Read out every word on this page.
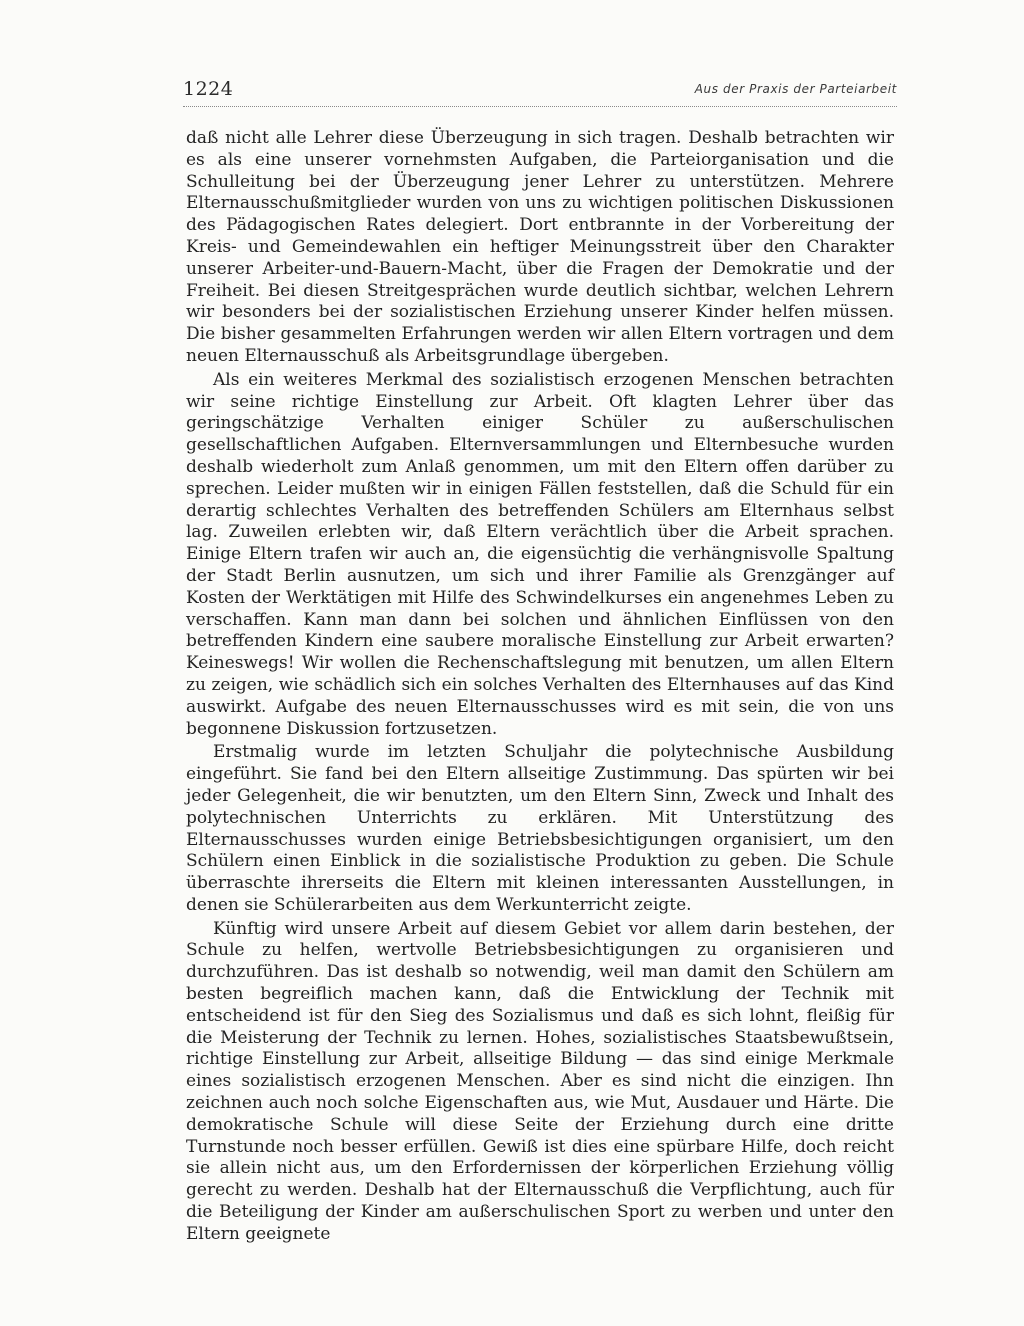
1224	Aus der Praxis der Parteiarbeit

daß nicht alle Lehrer diese Überzeugung in sich tragen. Deshalb betrachten wir es als eine unserer vornehmsten Aufgaben, die Parteiorganisation und die Schulleitung bei der Überzeugung jener Lehrer zu unterstützen. Mehrere Elternausschußmitglieder wurden von uns zu wichtigen politischen Diskussionen des Pädagogischen Rates delegiert. Dort entbrannte in der Vorbereitung der Kreis- und Gemeindewahlen ein heftiger Meinungsstreit über den Charakter unserer Arbeiter-und-Bauern-Macht, über die Fragen der Demokratie und der Freiheit. Bei diesen Streitgesprächen wurde deutlich sichtbar, welchen Lehrern wir besonders bei der sozialistischen Erziehung unserer Kinder helfen müssen. Die bisher gesammelten Erfahrungen werden wir allen Eltern vortragen und dem neuen Elternausschuß als Arbeitsgrundlage übergeben.

Als ein weiteres Merkmal des sozialistisch erzogenen Menschen betrachten wir seine richtige Einstellung zur Arbeit. Oft klagten Lehrer über das geringschätzige Verhalten einiger Schüler zu außerschulischen gesellschaftlichen Aufgaben. Elternversammlungen und Elternbesuche wurden deshalb wiederholt zum Anlaß genommen, um mit den Eltern offen darüber zu sprechen. Leider mußten wir in einigen Fällen feststellen, daß die Schuld für ein derartig schlechtes Verhalten des betreffenden Schülers am Elternhaus selbst lag. Zuweilen erlebten wir, daß Eltern verächtlich über die Arbeit sprachen. Einige Eltern trafen wir auch an, die eigensüchtig die verhängnisvolle Spaltung der Stadt Berlin ausnutzen, um sich und ihrer Familie als Grenzgänger auf Kosten der Werktätigen mit Hilfe des Schwindelkurses ein angenehmes Leben zu verschaffen. Kann man dann bei solchen und ähnlichen Einflüssen von den betreffenden Kindern eine saubere moralische Einstellung zur Arbeit erwarten? Keineswegs! Wir wollen die Rechenschaftslegung mit benutzen, um allen Eltern zu zeigen, wie schädlich sich ein solches Verhalten des Elternhauses auf das Kind auswirkt. Aufgabe des neuen Elternausschusses wird es mit sein, die von uns begonnene Diskussion fortzusetzen.

Erstmalig wurde im letzten Schuljahr die polytechnische Ausbildung eingeführt. Sie fand bei den Eltern allseitige Zustimmung. Das spürten wir bei jeder Gelegenheit, die wir benutzten, um den Eltern Sinn, Zweck und Inhalt des polytechnischen Unterrichts zu erklären. Mit Unterstützung des Elternausschusses wurden einige Betriebsbesichtigungen organisiert, um den Schülern einen Einblick in die sozialistische Produktion zu geben. Die Schule überraschte ihrerseits die Eltern mit kleinen interessanten Ausstellungen, in denen sie Schülerarbeiten aus dem Werkunterricht zeigte.

Künftig wird unsere Arbeit auf diesem Gebiet vor allem darin bestehen, der Schule zu helfen, wertvolle Betriebsbesichtigungen zu organisieren und durchzuführen. Das ist deshalb so notwendig, weil man damit den Schülern am besten begreiflich machen kann, daß die Entwicklung der Technik mit entscheidend ist für den Sieg des Sozialismus und daß es sich lohnt, fleißig für die Meisterung der Technik zu lernen. Hohes, sozialistisches Staatsbewußtsein, richtige Einstellung zur Arbeit, allseitige Bildung — das sind einige Merkmale eines sozialistisch erzogenen Menschen. Aber es sind nicht die einzigen. Ihn zeichnen auch noch solche Eigenschaften aus, wie Mut, Ausdauer und Härte. Die demokratische Schule will diese Seite der Erziehung durch eine dritte Turnstunde noch besser erfüllen. Gewiß ist dies eine spürbare Hilfe, doch reicht sie allein nicht aus, um den Erfordernissen der körperlichen Erziehung völlig gerecht zu werden. Deshalb hat der Elternausschuß die Verpflichtung, auch für die Beteiligung der Kinder am außerschulischen Sport zu werben und unter den Eltern geeignete
